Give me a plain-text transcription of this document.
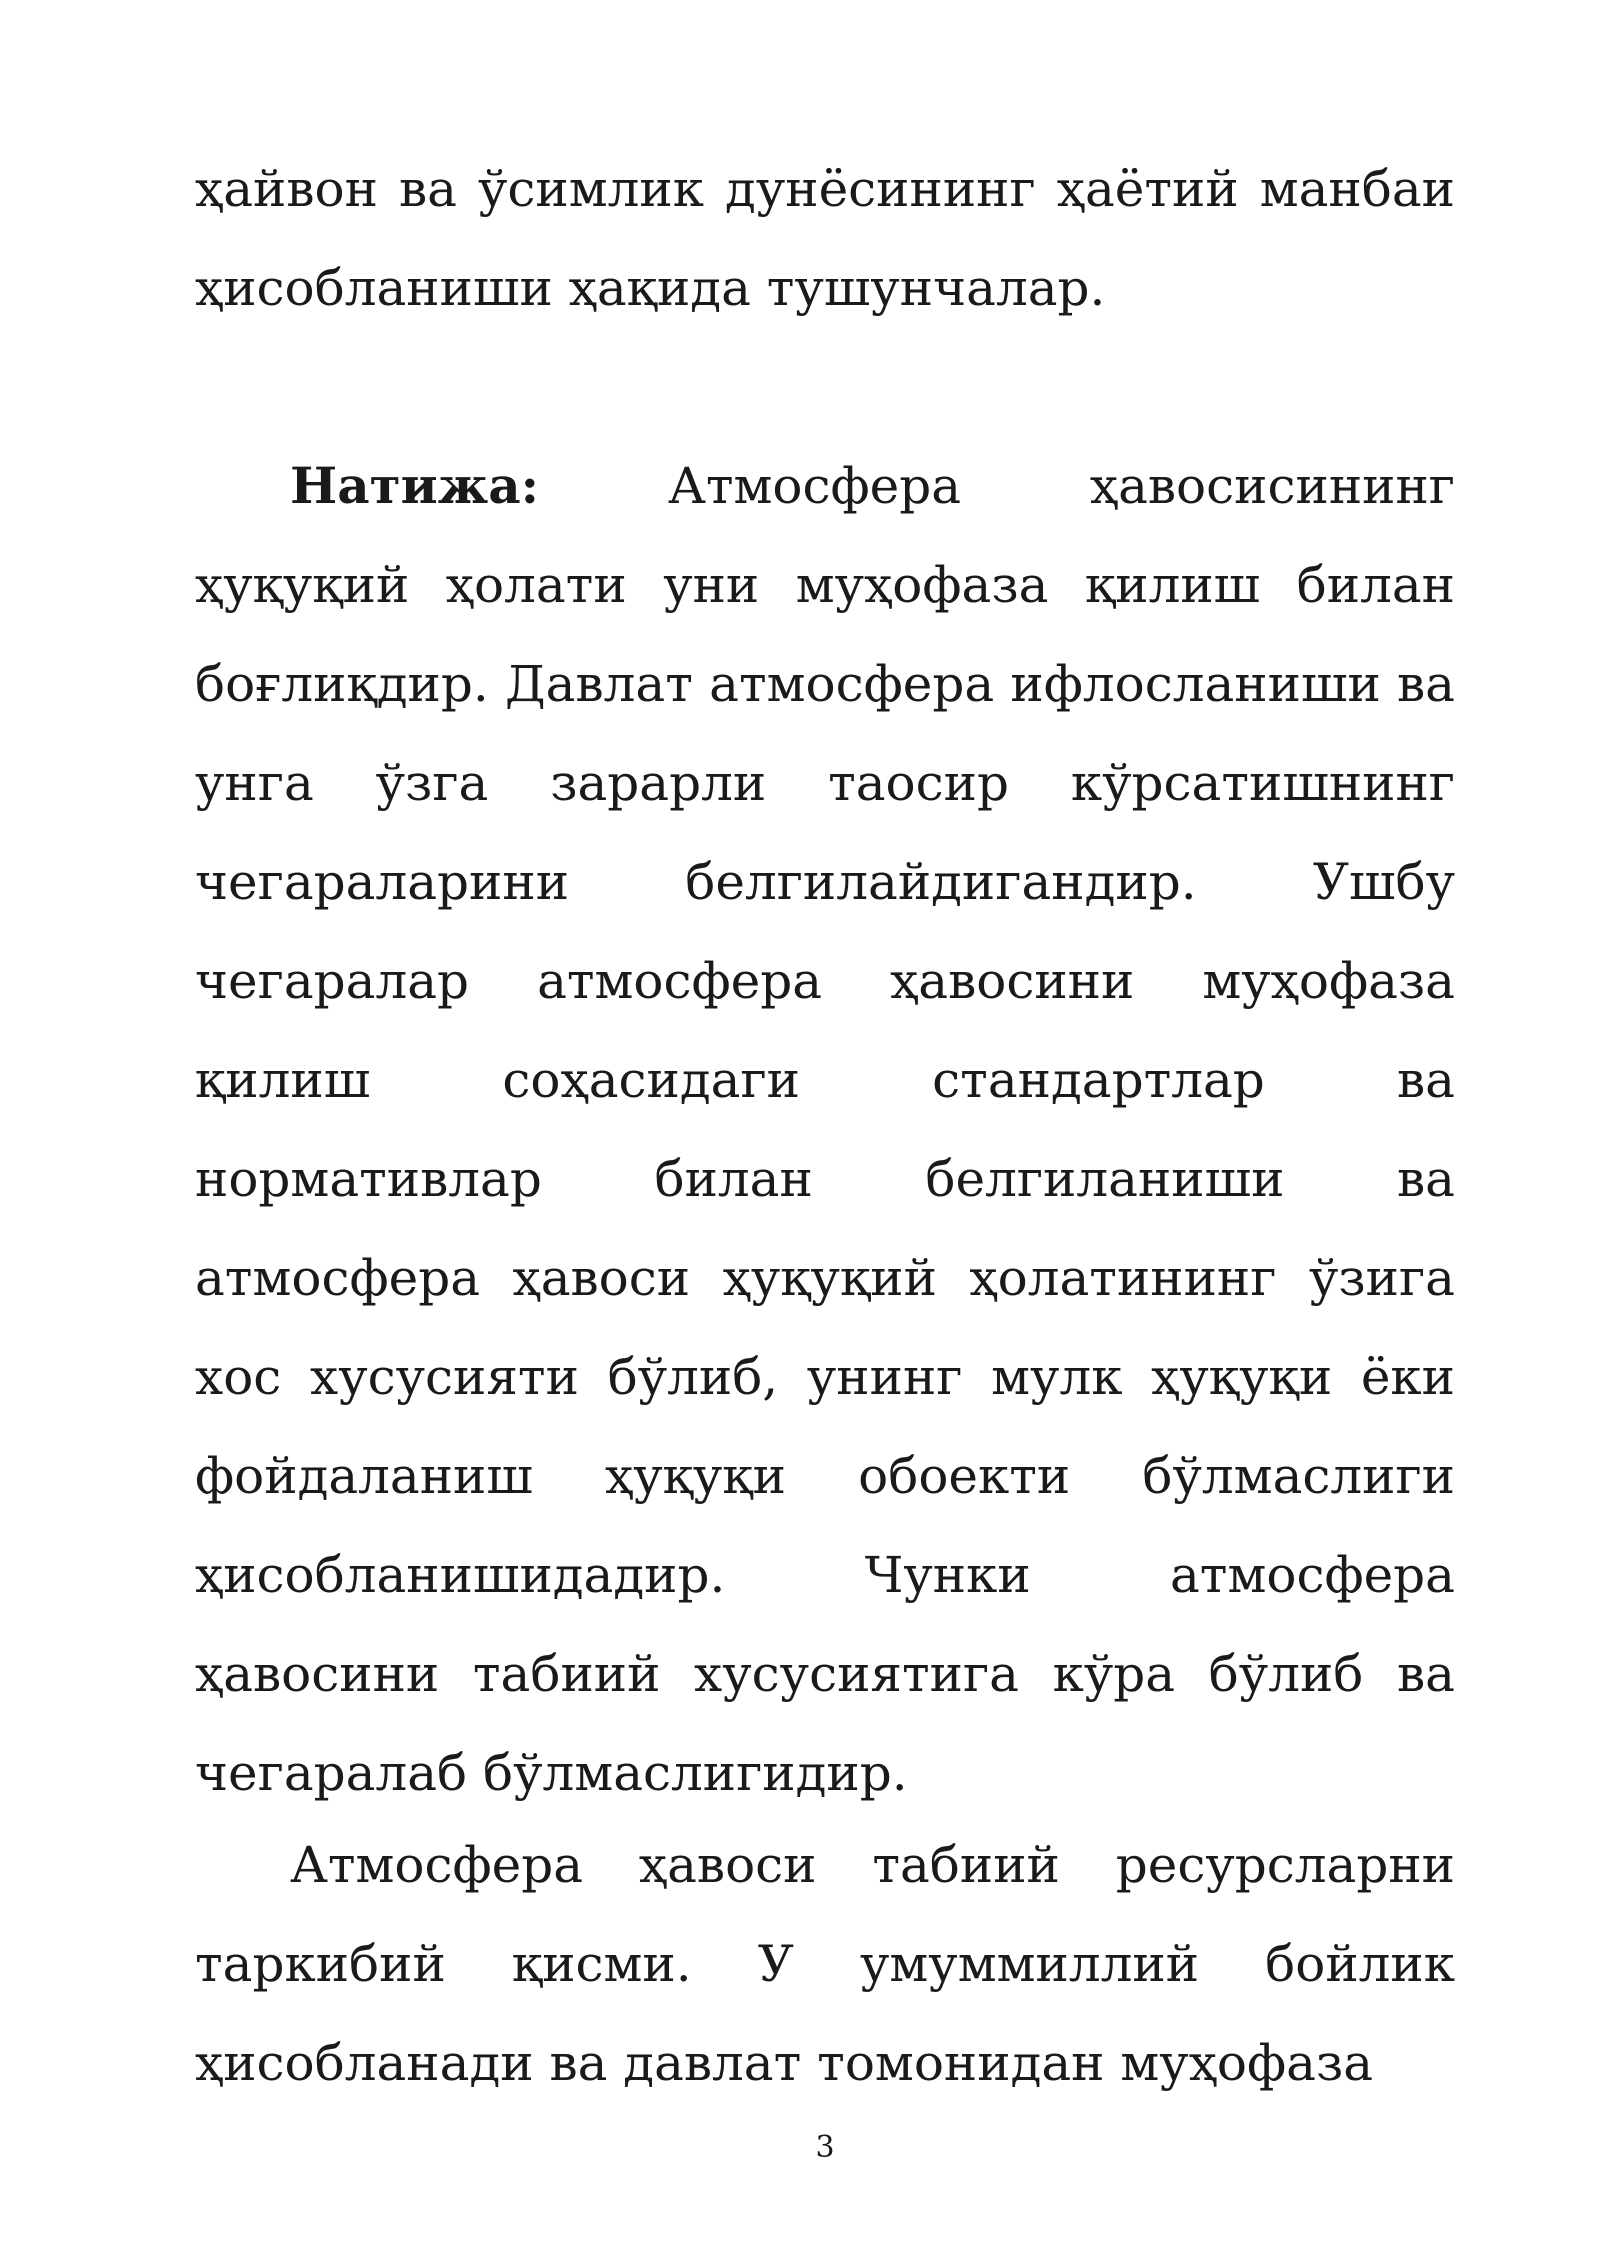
ҳайвон ва ўсимлик дунёсининг ҳаётий манбаи ҳисобланиши ҳақида тушунчалар.

Натижа: Атмосфера ҳавосисининг ҳуқуқий ҳолати уни муҳофаза қилиш билан боғлиқдир. Давлат атмосфера ифлосланиши ва унга ўзга зарарли таосир кўрсатишнинг чегараларини белгилайдигандир. Ушбу чегаралар атмосфера ҳавосини муҳофаза қилиш соҳасидаги стандартлар ва нормативлар билан белгиланиши ва атмосфера ҳавоси ҳуқуқий ҳолатининг ўзига хос хусусияти бўлиб, унинг мулк ҳуқуқи ёки фойдаланиш ҳуқуқи обоекти бўлмаслиги ҳисобланишидадир. Чунки атмосфера ҳавосини табиий хусусиятига кўра бўлиб ва чегаралаб бўлмаслигидир.

Атмосфера ҳавоси табиий ресурсларни таркибий қисми. У умуммиллий бойлик ҳисобланади ва давлат томонидан муҳофаза

3
